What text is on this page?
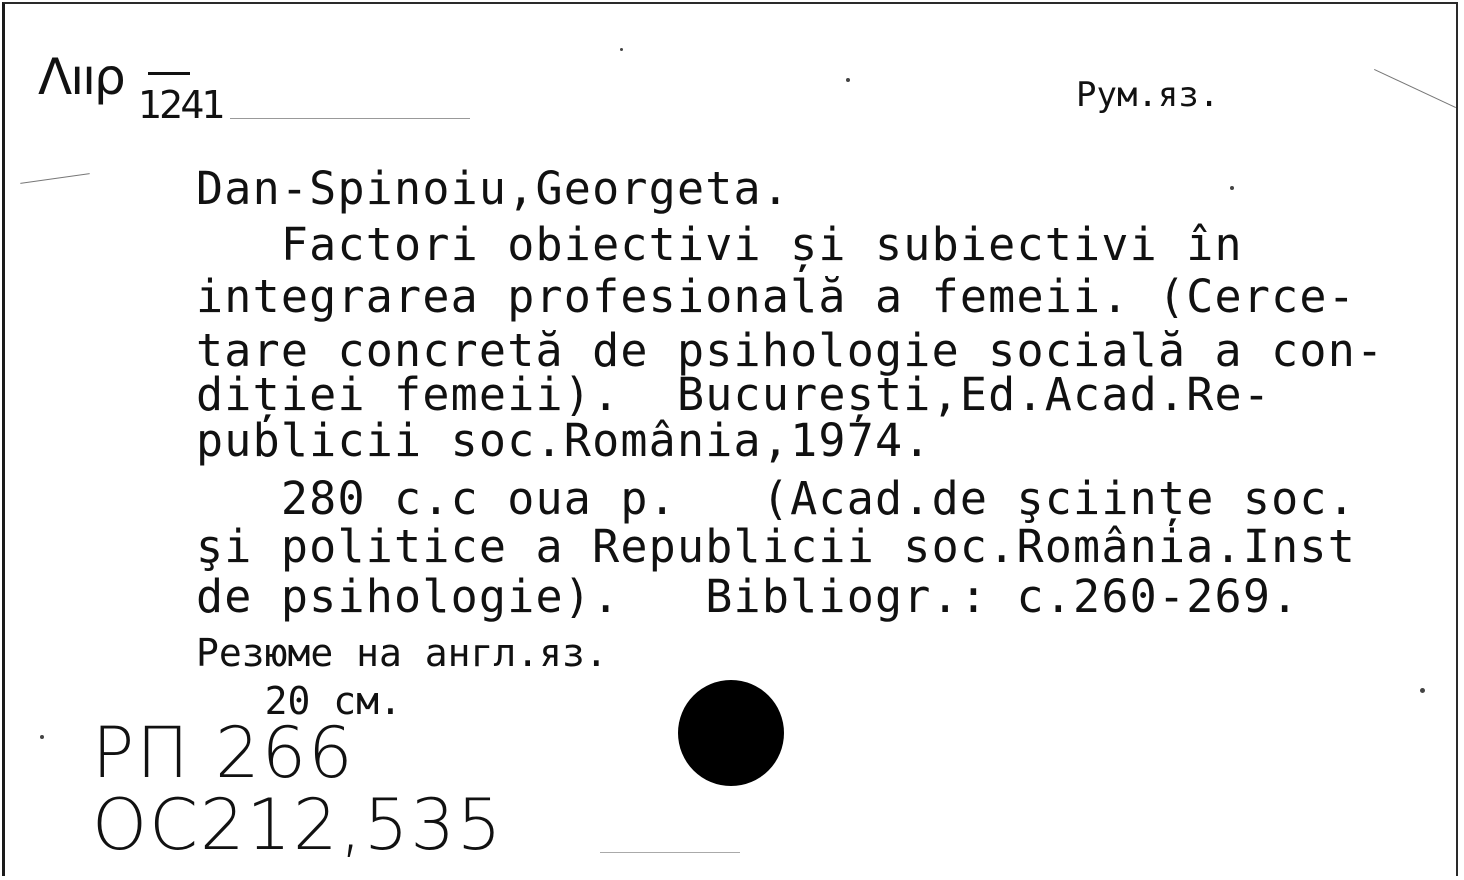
Λııρ 1241	Рум.яз.
Dan-Spinoiu,Georgeta.
Factori obiectivi și subiectivi în
integrarea profesională a femeii. (Cerce-
tare concretă de psihologie socială a con-
diției femeii).  București,Ed.Acad.Re-
publicii soc.România,1974.
280 c.c oua p.   (Acad.de şciințe soc.
şi politice a Republicii soc.România.Inst
de psihologie).   Bibliogr.: c.260-269.
Резюме на англ.яз.
20 см.
РП 266
OC212,535
